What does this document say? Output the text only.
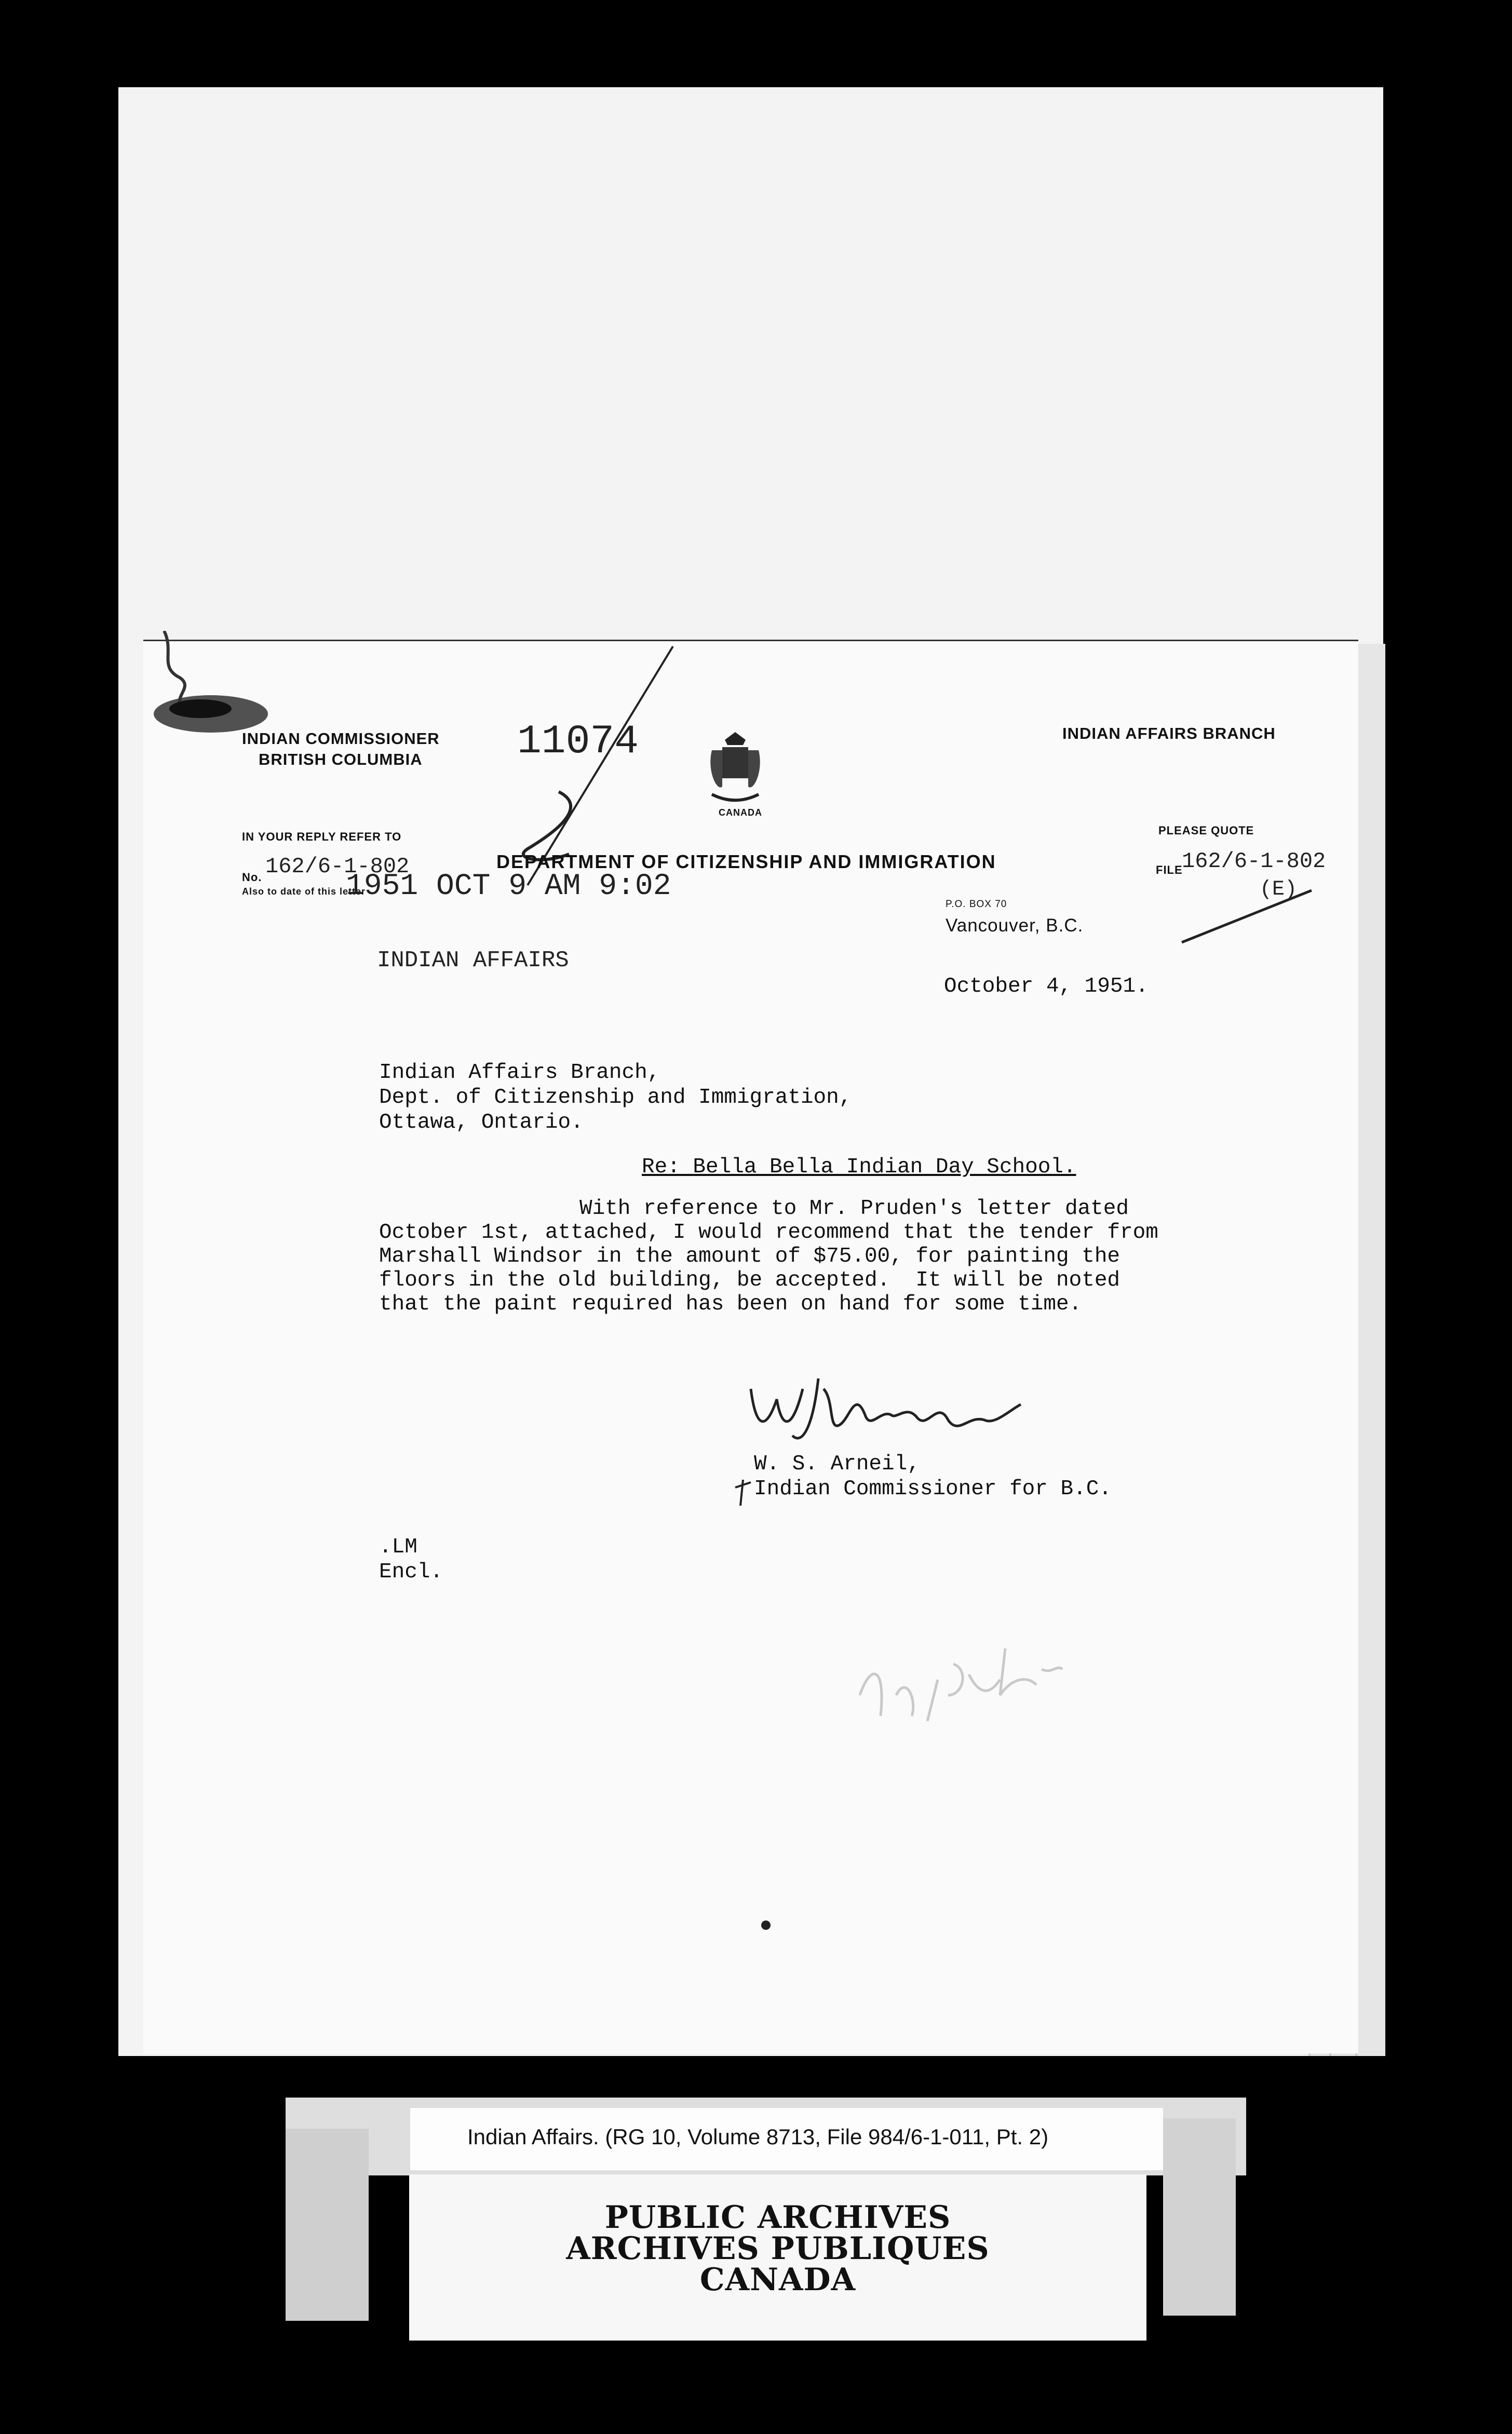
INDIAN COMMISSIONER
BRITISH COLUMBIA 11074
CANADA
INDIAN AFFAIRS BRANCH
IN YOUR REPLY REFER TO
No. 162/6-1-802
Also to date of this letter
1951 OCT 9 AM 9:02
DEPARTMENT OF CITIZENSHIP AND IMMIGRATION
PLEASE QUOTE
FILE
162/6-1-802
(E)
P.O. BOX 70
Vancouver, B.C.
INDIAN AFFAIRS
October 4, 1951.
Indian Affairs Branch,
Dept. of Citizenship and Immigration,
Ottawa, Ontario.
Re: Bella Bella Indian Day School.
With reference to Mr. Pruden's letter dated
October 1st, attached, I would recommend that the tender from
Marshall Windsor in the amount of $75.00, for painting the
floors in the old building, be accepted.  It will be noted
that the paint required has been on hand for some time.
W. S. Arneil,
Indian Commissioner for B.C.
.LM
Encl.
Indian Affairs. (RG 10, Volume 8713, File 984/6-1-011, Pt. 2)
PUBLIC ARCHIVES
ARCHIVES PUBLIQUES
CANADA
